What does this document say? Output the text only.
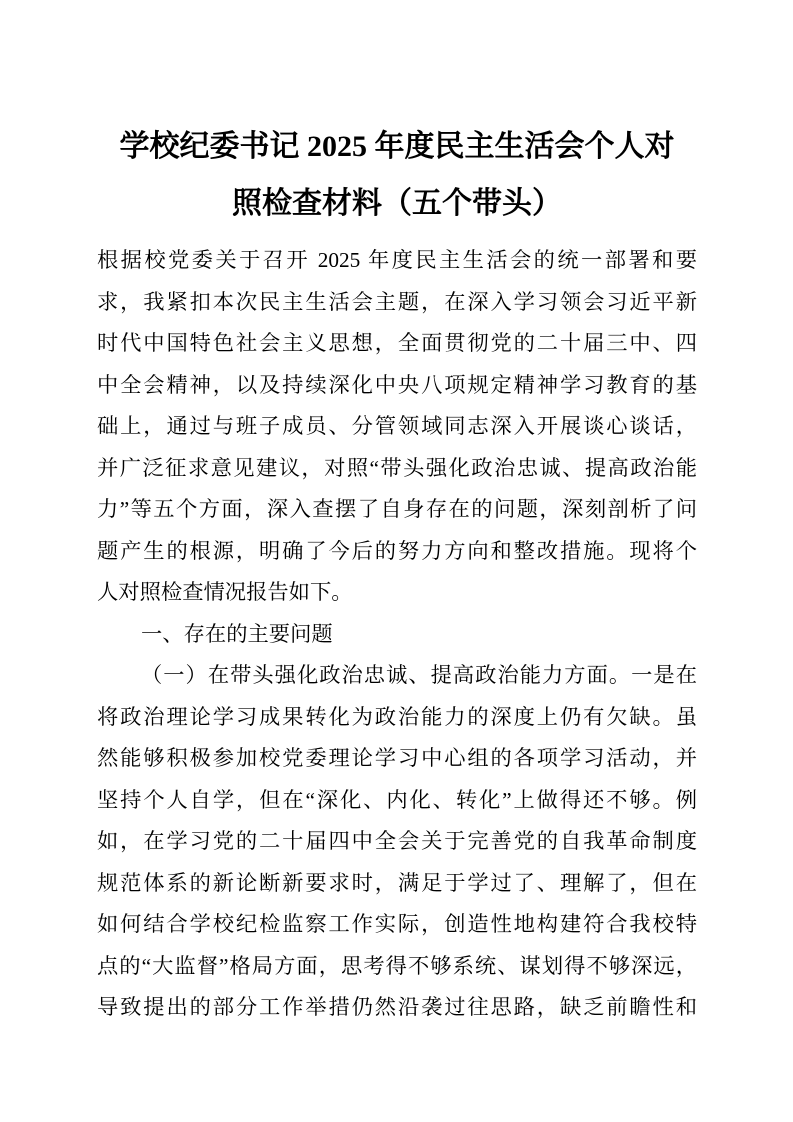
学校纪委书记 2025 年度民主生活会个人对
照检查材料（五个带头）
根据校党委关于召开 2025 年度民主生活会的统一部署和要
求，我紧扣本次民主生活会主题，在深入学习领会习近平新
时代中国特色社会主义思想，全面贯彻党的二十届三中、四
中全会精神，以及持续深化中央八项规定精神学习教育的基
础上，通过与班子成员、分管领域同志深入开展谈心谈话，
并广泛征求意见建议，对照“带头强化政治忠诚、提高政治能
力”等五个方面，深入查摆了自身存在的问题，深刻剖析了问
题产生的根源，明确了今后的努力方向和整改措施。现将个
人对照检查情况报告如下。
一、存在的主要问题
（一）在带头强化政治忠诚、提高政治能力方面。一是在
将政治理论学习成果转化为政治能力的深度上仍有欠缺。虽
然能够积极参加校党委理论学习中心组的各项学习活动，并
坚持个人自学，但在“深化、内化、转化”上做得还不够。例
如，在学习党的二十届四中全会关于完善党的自我革命制度
规范体系的新论断新要求时，满足于学过了、理解了，但在
如何结合学校纪检监察工作实际，创造性地构建符合我校特
点的“大监督”格局方面，思考得不够系统、谋划得不够深远，
导致提出的部分工作举措仍然沿袭过往思路，缺乏前瞻性和
